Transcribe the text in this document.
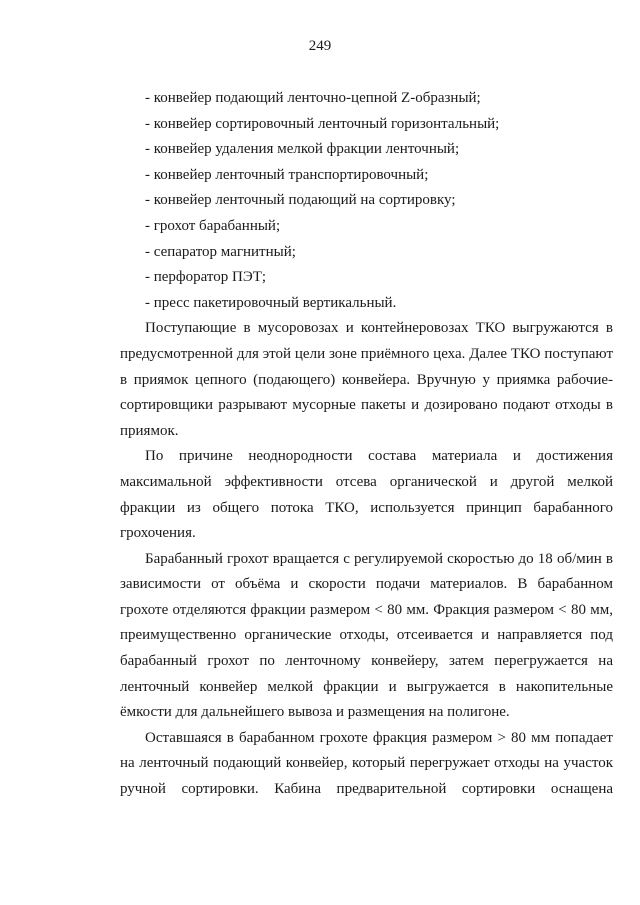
249
- конвейер подающий ленточно-цепной Z-образный;
- конвейер сортировочный ленточный горизонтальный;
- конвейер удаления мелкой фракции ленточный;
- конвейер ленточный транспортировочный;
- конвейер ленточный подающий на сортировку;
- грохот барабанный;
- сепаратор магнитный;
- перфоратор ПЭТ;
- пресс пакетировочный вертикальный.

Поступающие в мусоровозах и контейнеровозах ТКО выгружаются в предусмотренной для этой цели зоне приёмного цеха. Далее ТКО поступают в приямок цепного (подающего) конвейера. Вручную у приямка рабочие-сортировщики разрывают мусорные пакеты и дозировано подают отходы в приямок.

По причине неоднородности состава материала и достижения максимальной эффективности отсева органической и другой мелкой фракции из общего потока ТКО, используется принцип барабанного грохочения.

Барабанный грохот вращается с регулируемой скоростью до 18 об/мин в зависимости от объёма и скорости подачи материалов. В барабанном грохоте отделяются фракции размером < 80 мм. Фракция размером < 80 мм, преимущественно органические отходы, отсеивается и направляется под барабанный грохот по ленточному конвейеру, затем перегружается на ленточный конвейер мелкой фракции и выгружается в накопительные ёмкости для дальнейшего вывоза и размещения на полигоне.

Оставшаяся в барабанном грохоте фракция размером > 80 мм попадает на ленточный подающий конвейер, который перегружает отходы на участок ручной сортировки. Кабина предварительной сортировки оснащена
